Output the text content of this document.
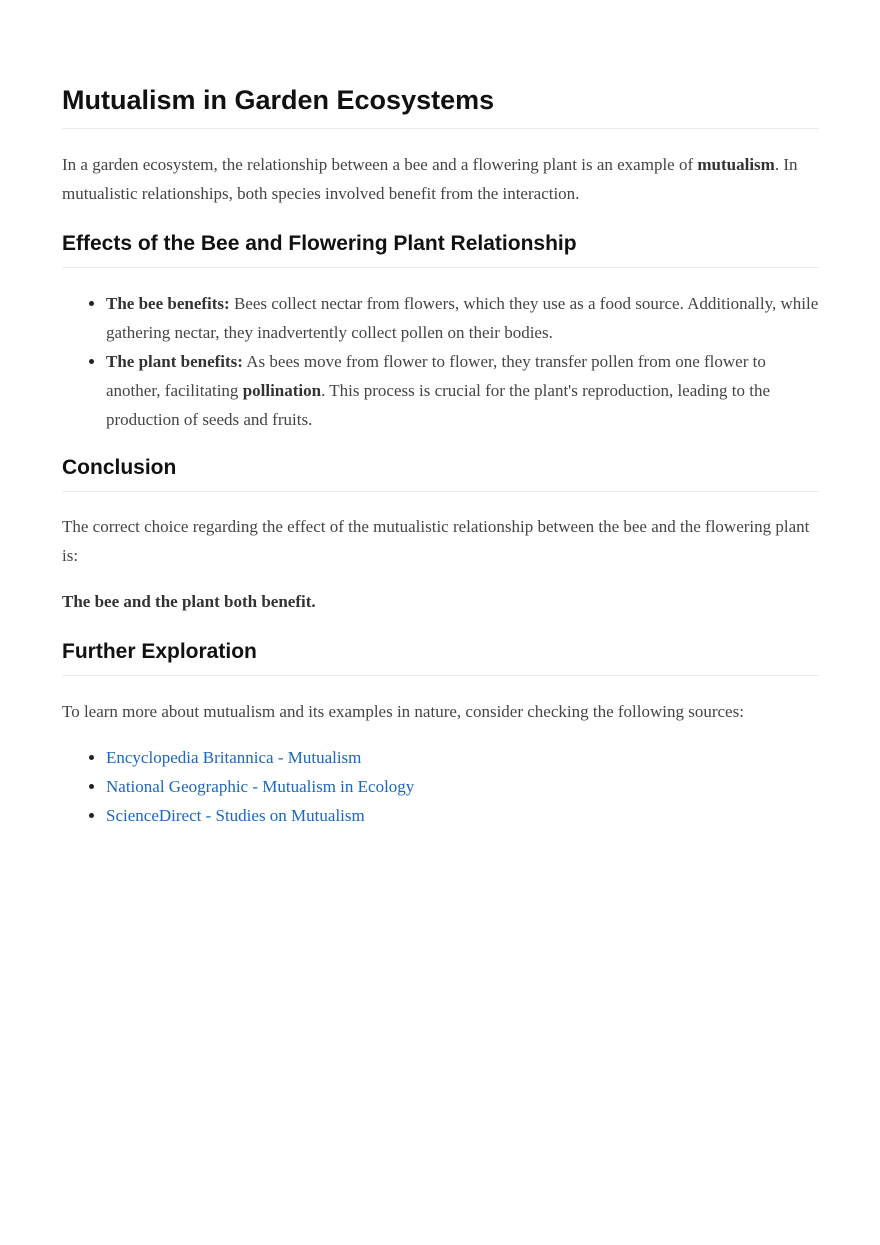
Mutualism in Garden Ecosystems

In a garden ecosystem, the relationship between a bee and a flowering plant is an example of mutualism. In mutualistic relationships, both species involved benefit from the interaction.

Effects of the Bee and Flowering Plant Relationship
• The bee benefits: Bees collect nectar from flowers, which they use as a food source. Additionally, while gathering nectar, they inadvertently collect pollen on their bodies.
• The plant benefits: As bees move from flower to flower, they transfer pollen from one flower to another, facilitating pollination. This process is crucial for the plant's reproduction, leading to the production of seeds and fruits.
Conclusion

The correct choice regarding the effect of the mutualistic relationship between the bee and the flowering plant is:

The bee and the plant both benefit.

Further Exploration

To learn more about mutualism and its examples in nature, consider checking the following sources:

• Encyclopedia Britannica - Mutualism
• National Geographic - Mutualism in Ecology
• ScienceDirect - Studies on Mutualism
